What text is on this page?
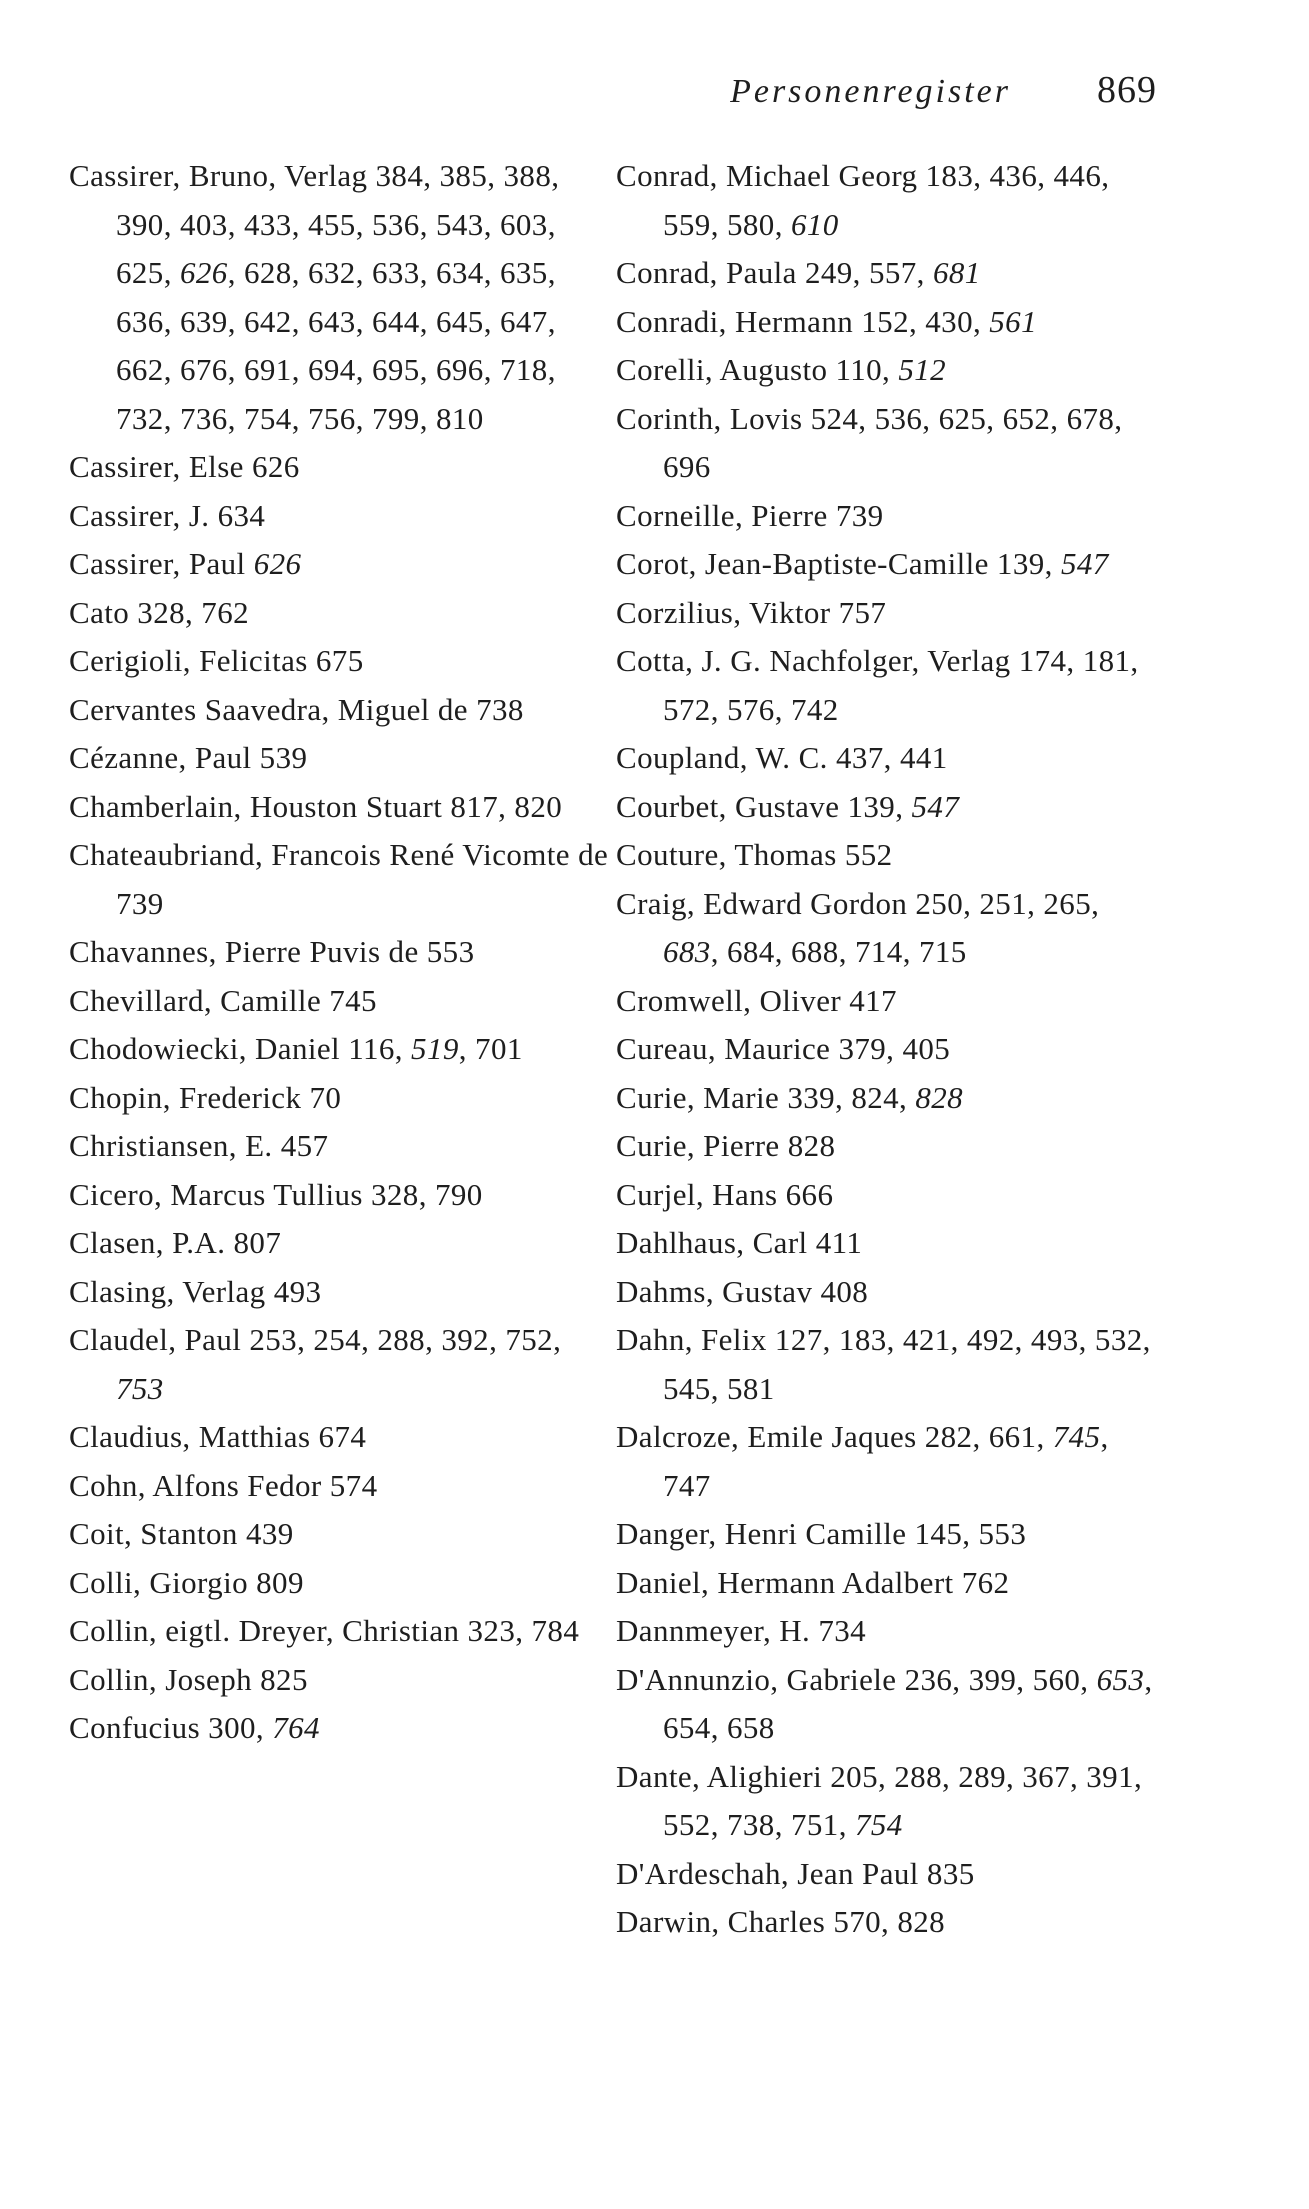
Personenregister 869
Cassirer, Bruno, Verlag 384, 385, 388, 390, 403, 433, 455, 536, 543, 603, 625, 626, 628, 632, 633, 634, 635, 636, 639, 642, 643, 644, 645, 647, 662, 676, 691, 694, 695, 696, 718, 732, 736, 754, 756, 799, 810
Cassirer, Else 626
Cassirer, J. 634
Cassirer, Paul 626
Cato 328, 762
Cerigioli, Felicitas 675
Cervantes Saavedra, Miguel de 738
Cézanne, Paul 539
Chamberlain, Houston Stuart 817, 820
Chateaubriand, Francois René Vicomte de 739
Chavannes, Pierre Puvis de 553
Chevillard, Camille 745
Chodowiecki, Daniel 116, 519, 701
Chopin, Frederick 70
Christiansen, E. 457
Cicero, Marcus Tullius 328, 790
Clasen, P.A. 807
Clasing, Verlag 493
Claudel, Paul 253, 254, 288, 392, 752, 753
Claudius, Matthias 674
Cohn, Alfons Fedor 574
Coit, Stanton 439
Colli, Giorgio 809
Collin, eigtl. Dreyer, Christian 323, 784
Collin, Joseph 825
Confucius 300, 764
Conrad, Michael Georg 183, 436, 446, 559, 580, 610
Conrad, Paula 249, 557, 681
Conradi, Hermann 152, 430, 561
Corelli, Augusto 110, 512
Corinth, Lovis 524, 536, 625, 652, 678, 696
Corneille, Pierre 739
Corot, Jean-Baptiste-Camille 139, 547
Corzilius, Viktor 757
Cotta, J. G. Nachfolger, Verlag 174, 181, 572, 576, 742
Coupland, W. C. 437, 441
Courbet, Gustave 139, 547
Couture, Thomas 552
Craig, Edward Gordon 250, 251, 265, 683, 684, 688, 714, 715
Cromwell, Oliver 417
Cureau, Maurice 379, 405
Curie, Marie 339, 824, 828
Curie, Pierre 828
Curjel, Hans 666
Dahlhaus, Carl 411
Dahms, Gustav 408
Dahn, Felix 127, 183, 421, 492, 493, 532, 545, 581
Dalcroze, Emile Jaques 282, 661, 745, 747
Danger, Henri Camille 145, 553
Daniel, Hermann Adalbert 762
Dannmeyer, H. 734
D'Annunzio, Gabriele 236, 399, 560, 653, 654, 658
Dante, Alighieri 205, 288, 289, 367, 391, 552, 738, 751, 754
D'Ardeschah, Jean Paul 835
Darwin, Charles 570, 828
